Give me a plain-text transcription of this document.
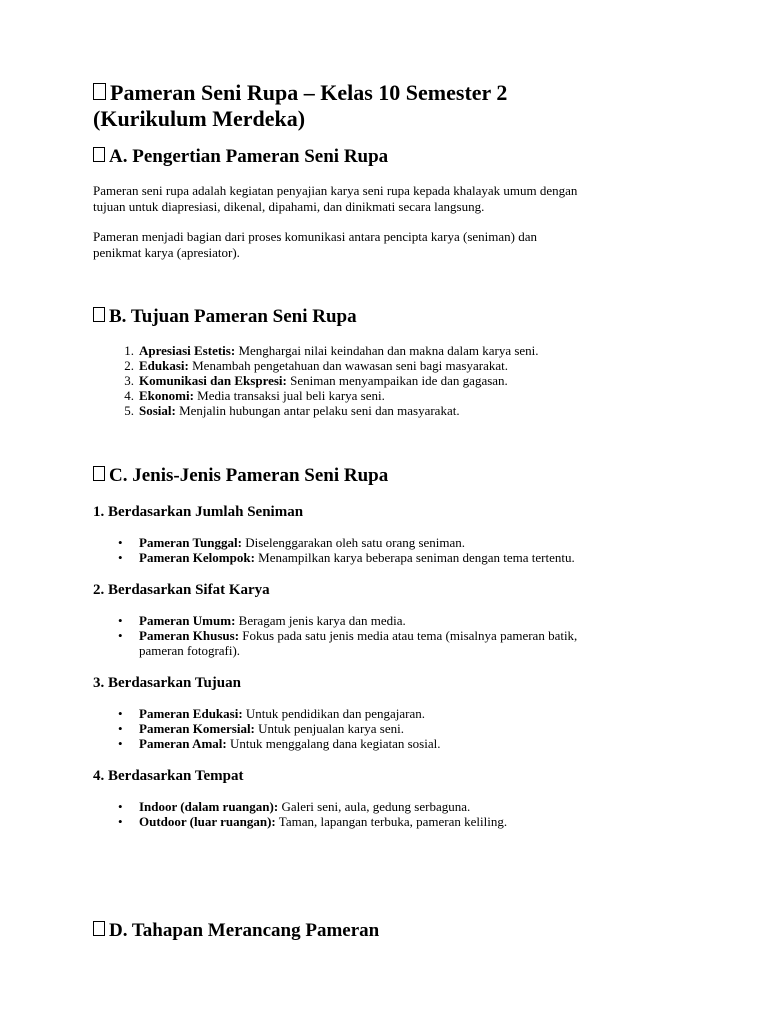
Pameran Seni Rupa – Kelas 10 Semester 2
(Kurikulum Merdeka)
A. Pengertian Pameran Seni Rupa
Pameran seni rupa adalah kegiatan penyajian karya seni rupa kepada khalayak umum dengan
tujuan untuk diapresiasi, dikenal, dipahami, dan dinikmati secara langsung.
Pameran menjadi bagian dari proses komunikasi antara pencipta karya (seniman) dan
penikmat karya (apresiator).
B. Tujuan Pameran Seni Rupa
1. Apresiasi Estetis: Menghargai nilai keindahan dan makna dalam karya seni.
2. Edukasi: Menambah pengetahuan dan wawasan seni bagi masyarakat.
3. Komunikasi dan Ekspresi: Seniman menyampaikan ide dan gagasan.
4. Ekonomi: Media transaksi jual beli karya seni.
5. Sosial: Menjalin hubungan antar pelaku seni dan masyarakat.
C. Jenis-Jenis Pameran Seni Rupa
1. Berdasarkan Jumlah Seniman
• Pameran Tunggal: Diselenggarakan oleh satu orang seniman.
• Pameran Kelompok: Menampilkan karya beberapa seniman dengan tema tertentu.
2. Berdasarkan Sifat Karya
• Pameran Umum: Beragam jenis karya dan media.
• Pameran Khusus: Fokus pada satu jenis media atau tema (misalnya pameran batik,
pameran fotografi).
3. Berdasarkan Tujuan
• Pameran Edukasi: Untuk pendidikan dan pengajaran.
• Pameran Komersial: Untuk penjualan karya seni.
• Pameran Amal: Untuk menggalang dana kegiatan sosial.
4. Berdasarkan Tempat
• Indoor (dalam ruangan): Galeri seni, aula, gedung serbaguna.
• Outdoor (luar ruangan): Taman, lapangan terbuka, pameran keliling.
D. Tahapan Merancang Pameran
